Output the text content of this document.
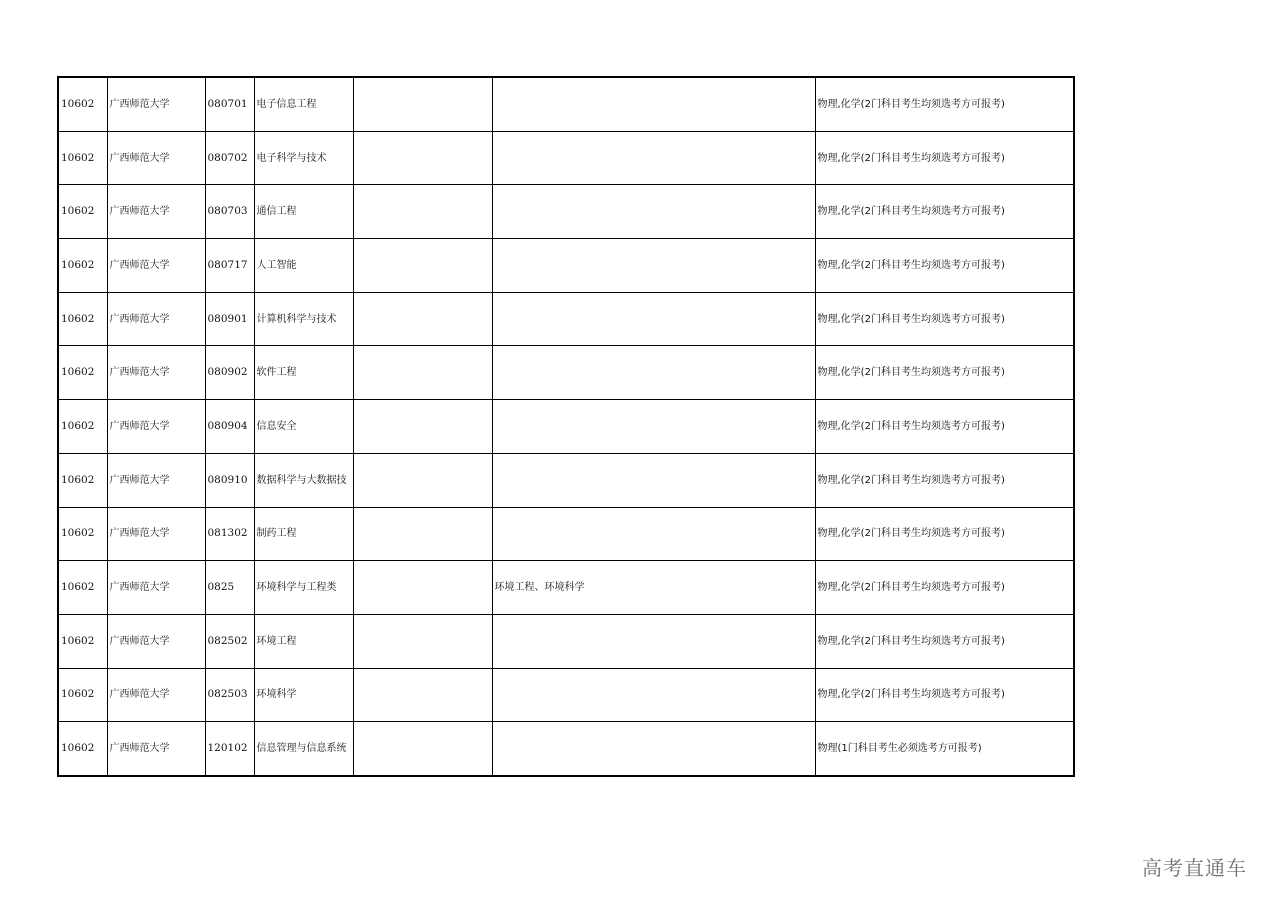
10602	广西师范大学	080701	电子信息工程			物理,化学(2门科目考生均须选考方可报考)
10602	广西师范大学	080702	电子科学与技术			物理,化学(2门科目考生均须选考方可报考)
10602	广西师范大学	080703	通信工程			物理,化学(2门科目考生均须选考方可报考)
10602	广西师范大学	080717	人工智能			物理,化学(2门科目考生均须选考方可报考)
10602	广西师范大学	080901	计算机科学与技术			物理,化学(2门科目考生均须选考方可报考)
10602	广西师范大学	080902	软件工程			物理,化学(2门科目考生均须选考方可报考)
10602	广西师范大学	080904	信息安全			物理,化学(2门科目考生均须选考方可报考)
10602	广西师范大学	080910	数据科学与大数据技			物理,化学(2门科目考生均须选考方可报考)
10602	广西师范大学	081302	制药工程			物理,化学(2门科目考生均须选考方可报考)
10602	广西师范大学	0825	环境科学与工程类		环境工程、环境科学	物理,化学(2门科目考生均须选考方可报考)
10602	广西师范大学	082502	环境工程			物理,化学(2门科目考生均须选考方可报考)
10602	广西师范大学	082503	环境科学			物理,化学(2门科目考生均须选考方可报考)
10602	广西师范大学	120102	信息管理与信息系统			物理(1门科目考生必须选考方可报考)
高考直通车
